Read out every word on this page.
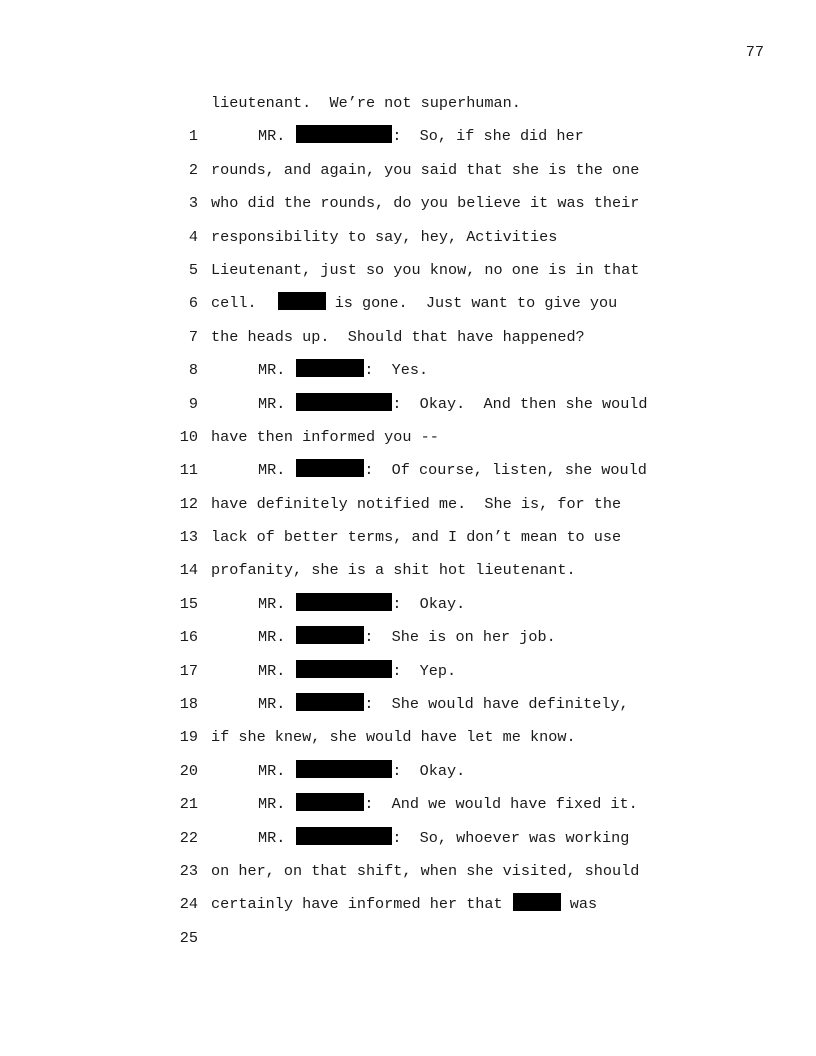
77

1

lieutenant.  We’re not superhuman.

2

MR.	:  So, if she did her

3

rounds, and again, you said that she is the one

4

who did the rounds, do you believe it was their

5

responsibility to say, hey, Activities

6

Lieutenant, just so you know, no one is in that

7

cell.	is gone.  Just want to give you

8

the heads up.  Should that have happened?

9

MR.	:  Yes.

10

MR.	:  Okay.  And then she would

11

have then informed you --

12

MR.	:  Of course, listen, she would

13

have definitely notified me.  She is, for the

14

lack of better terms, and I don’t mean to use

15

profanity, she is a shit hot lieutenant.

16

MR.	:  Okay.

17

MR.	:  She is on her job.

18

MR.	:  Yep.

19

MR.	:  She would have definitely,

20

if she knew, she would have let me know.

21

MR.	:  Okay.

22

MR.	:  And we would have fixed it.

23

MR.	:  So, whoever was working

24

on her, on that shift, when she visited, should

25

certainly have informed her that	was
